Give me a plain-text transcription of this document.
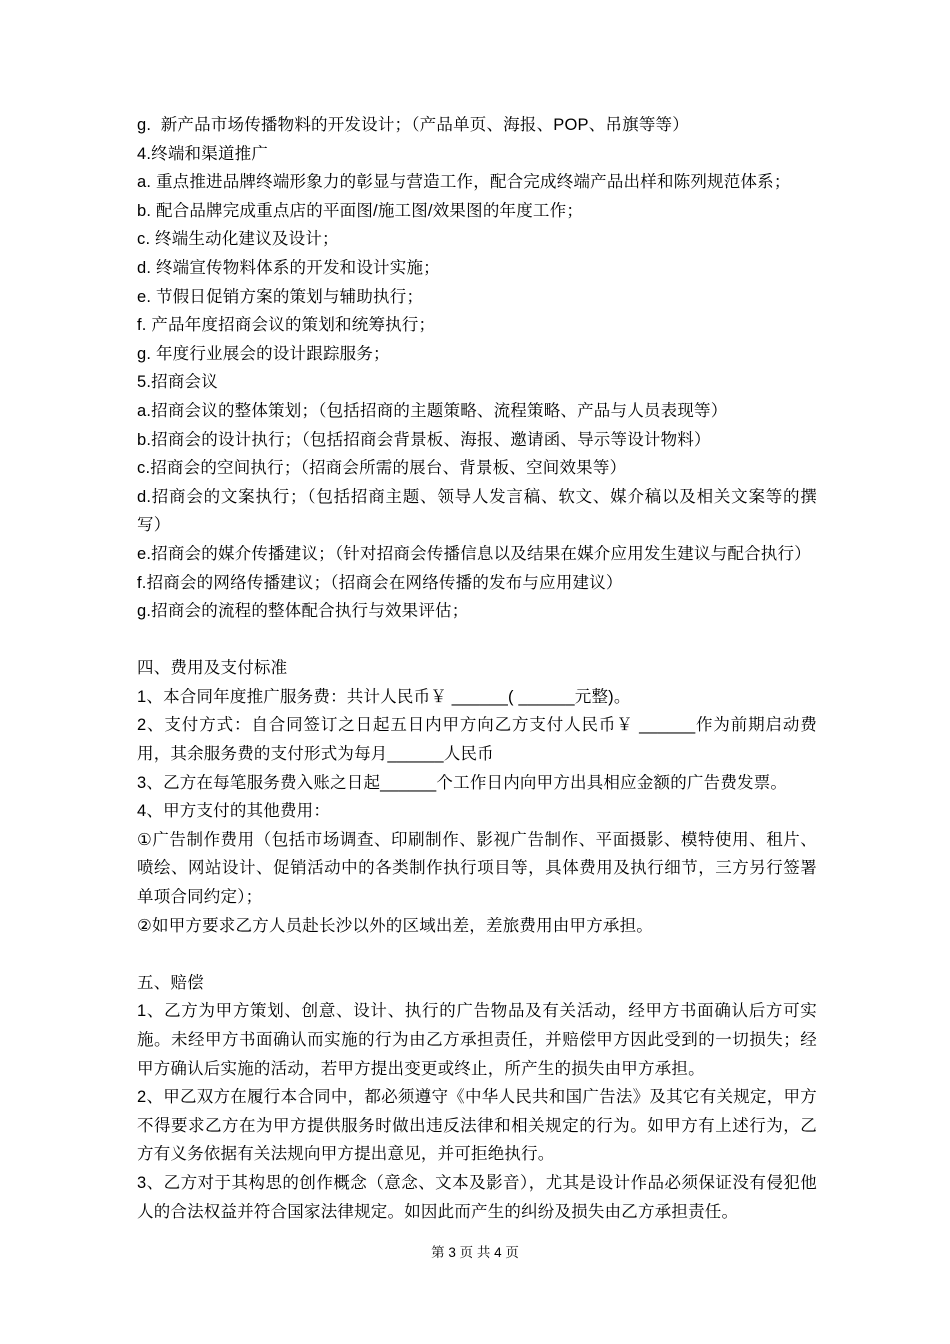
g.  新产品市场传播物料的开发设计；（产品单页、海报、POP、吊旗等等）

4.终端和渠道推广

a. 重点推进品牌终端形象力的彰显与营造工作，配合完成终端产品出样和陈列规范体系；

b. 配合品牌完成重点店的平面图/施工图/效果图的年度工作；

c. 终端生动化建议及设计；

d. 终端宣传物料体系的开发和设计实施；

e. 节假日促销方案的策划与辅助执行；

f. 产品年度招商会议的策划和统筹执行；

g. 年度行业展会的设计跟踪服务；

5.招商会议

a.招商会议的整体策划；（包括招商的主题策略、流程策略、产品与人员表现等）

b.招商会的设计执行；（包括招商会背景板、海报、邀请函、导示等设计物料）

c.招商会的空间执行；（招商会所需的展台、背景板、空间效果等）

d.招商会的文案执行；（包括招商主题、领导人发言稿、软文、媒介稿以及相关文案等的撰写）

e.招商会的媒介传播建议；（针对招商会传播信息以及结果在媒介应用发生建议与配合执行）

f.招商会的网络传播建议；（招商会在网络传播的发布与应用建议）

g.招商会的流程的整体配合执行与效果评估；

四、费用及支付标准

1、本合同年度推广服务费：共计人民币￥ ______( ______元整)。

2、支付方式：自合同签订之日起五日内甲方向乙方支付人民币￥ ______作为前期启动费用，其余服务费的支付形式为每月______人民币

3、乙方在每笔服务费入账之日起______个工作日内向甲方出具相应金额的广告费发票。

4、甲方支付的其他费用：

①广告制作费用（包括市场调查、印刷制作、影视广告制作、平面摄影、模特使用、租片、喷绘、网站设计、促销活动中的各类制作执行项目等，具体费用及执行细节，三方另行签署单项合同约定）；

②如甲方要求乙方人员赴长沙以外的区域出差，差旅费用由甲方承担。

五、赔偿

1、乙方为甲方策划、创意、设计、执行的广告物品及有关活动，经甲方书面确认后方可实施。未经甲方书面确认而实施的行为由乙方承担责任，并赔偿甲方因此受到的一切损失；经甲方确认后实施的活动，若甲方提出变更或终止，所产生的损失由甲方承担。

2、甲乙双方在履行本合同中，都必须遵守《中华人民共和国广告法》及其它有关规定，甲方不得要求乙方在为甲方提供服务时做出违反法律和相关规定的行为。如甲方有上述行为，乙方有义务依据有关法规向甲方提出意见，并可拒绝执行。

3、乙方对于其构思的创作概念（意念、文本及影音），尤其是设计作品必须保证没有侵犯他人的合法权益并符合国家法律规定。如因此而产生的纠纷及损失由乙方承担责任。

第 3 页 共 4 页
